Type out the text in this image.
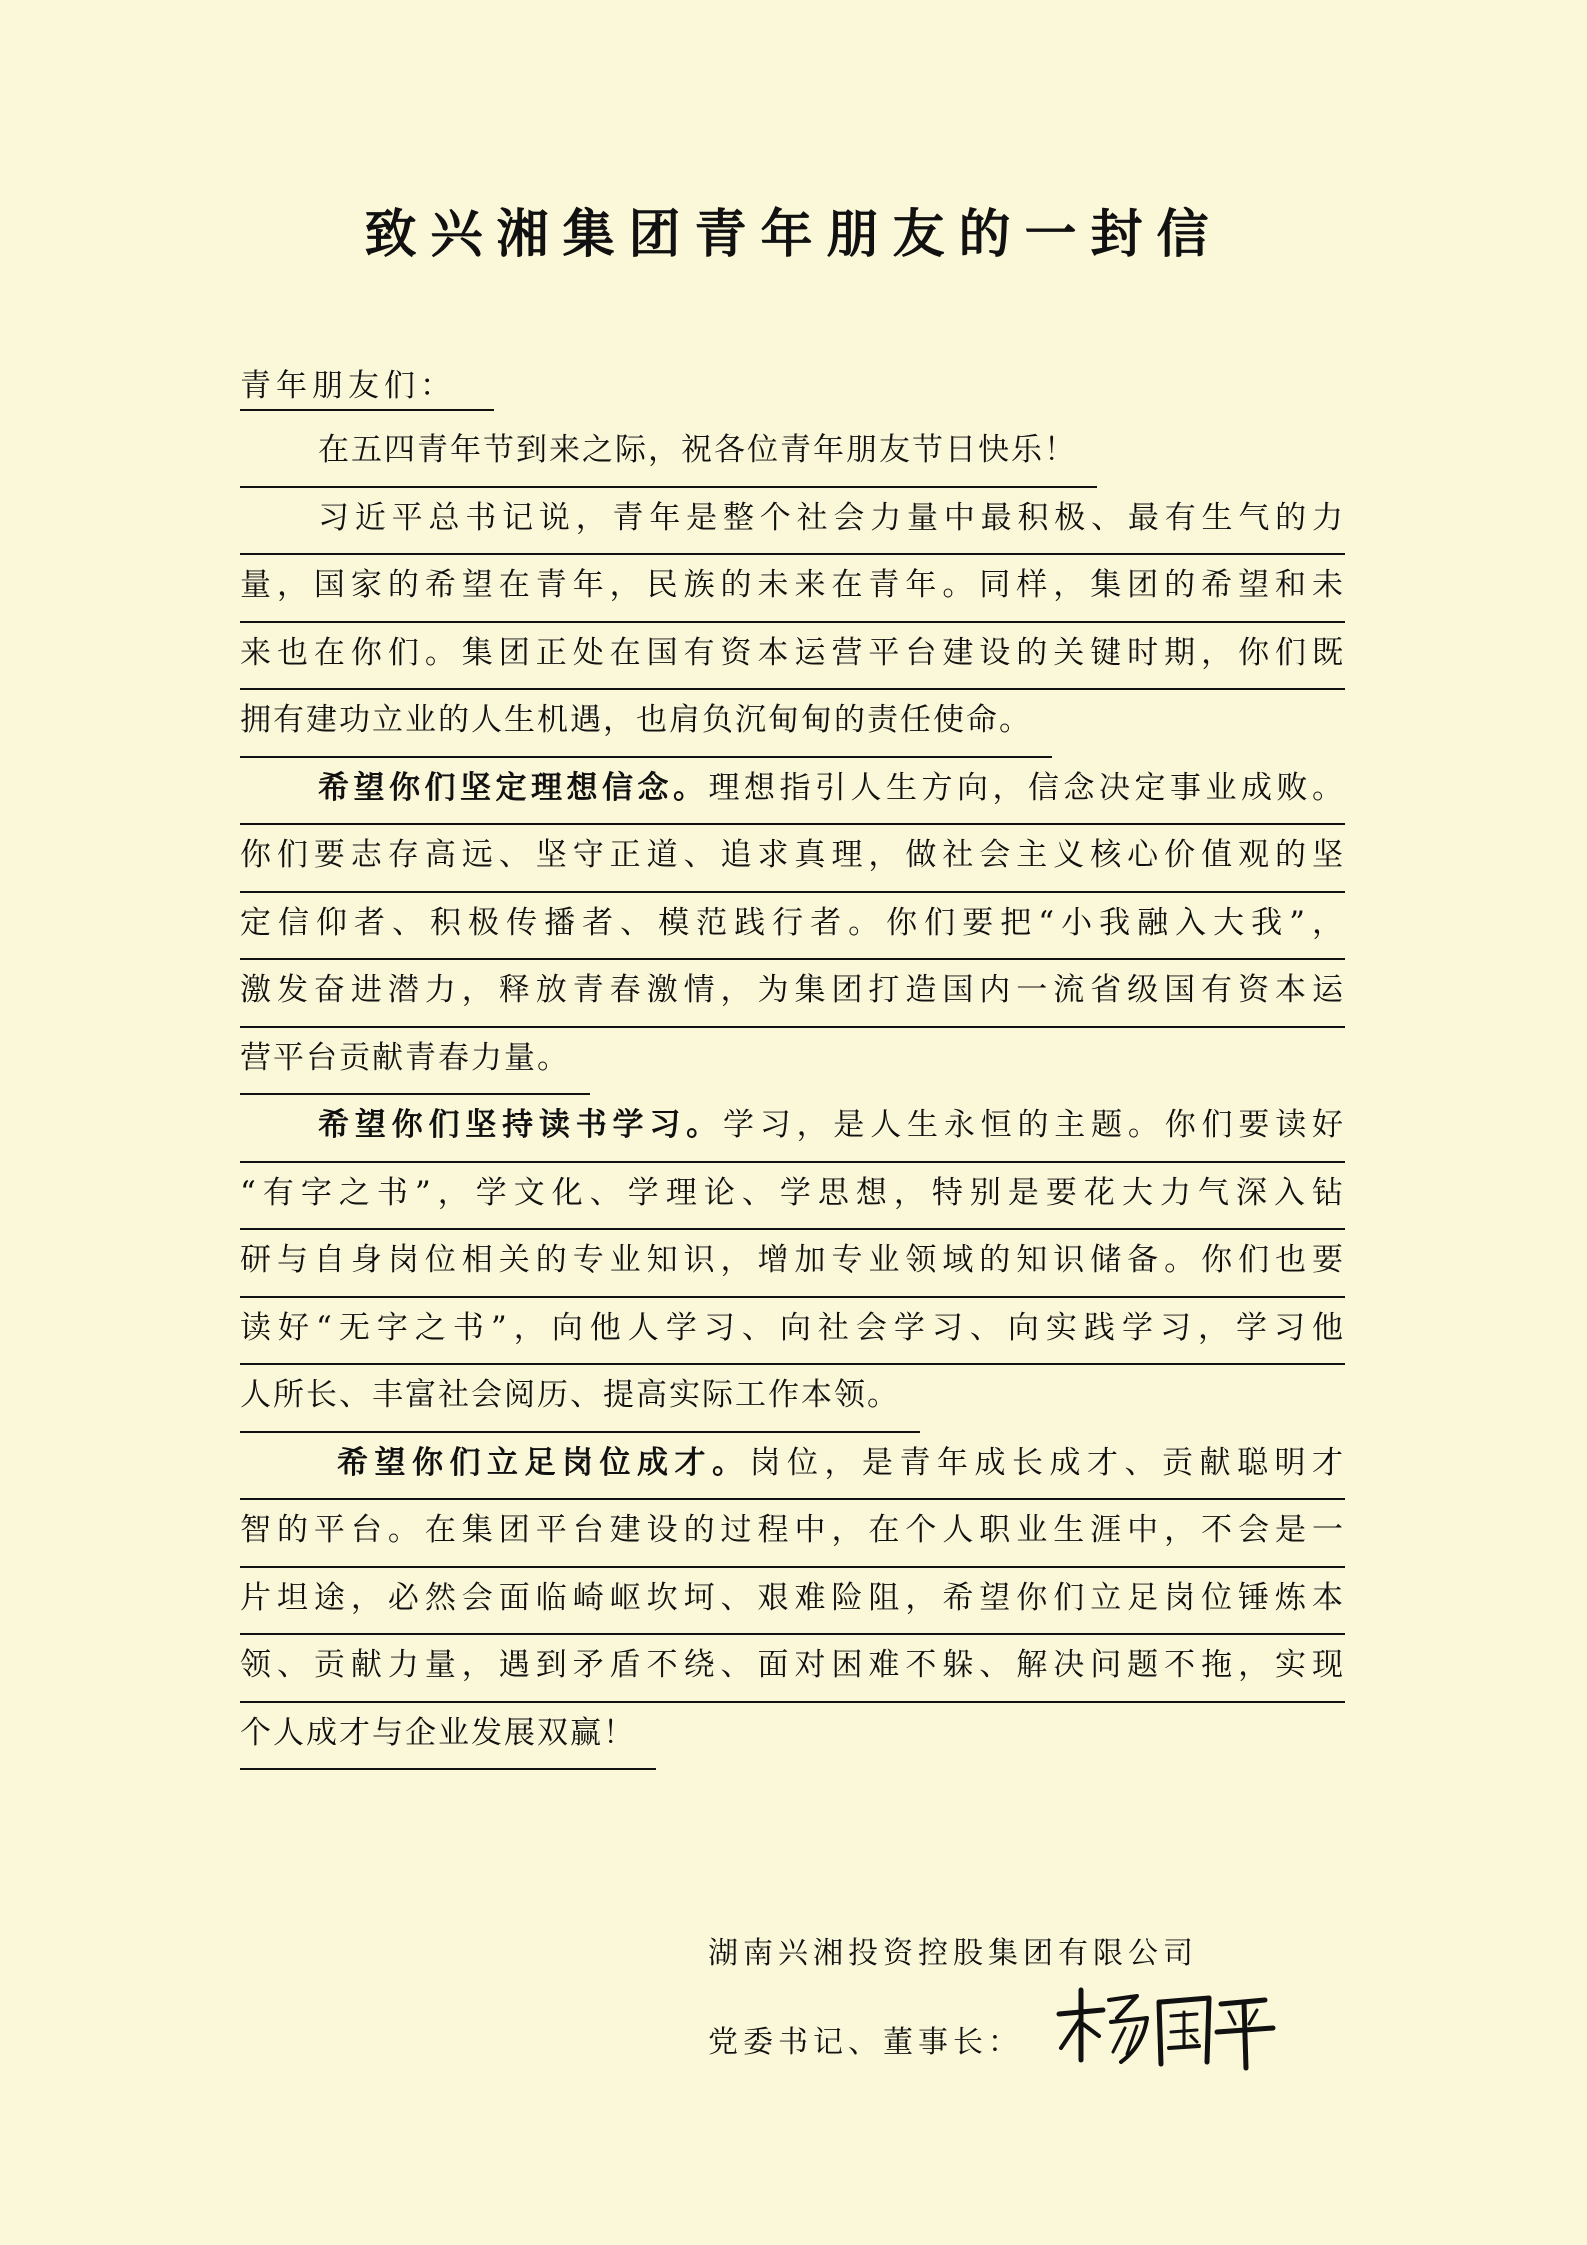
致兴湘集团青年朋友的一封信
青年朋友们：
在五四青年节到来之际，祝各位青年朋友节日快乐！
习近平总书记说，青年是整个社会力量中最积极、最有生气的力
量，国家的希望在青年，民族的未来在青年。同样，集团的希望和未
来也在你们。集团正处在国有资本运营平台建设的关键时期，你们既
拥有建功立业的人生机遇，也肩负沉甸甸的责任使命。
希望你们坚定理想信念。理想指引人生方向，信念决定事业成败。
你们要志存高远、坚守正道、追求真理，做社会主义核心价值观的坚
定信仰者、积极传播者、模范践行者。你们要把“小我融入大我”，
激发奋进潜力，释放青春激情，为集团打造国内一流省级国有资本运
营平台贡献青春力量。
希望你们坚持读书学习。学习，是人生永恒的主题。你们要读好
“有字之书”，学文化、学理论、学思想，特别是要花大力气深入钻
研与自身岗位相关的专业知识，增加专业领域的知识储备。你们也要
读好“无字之书”，向他人学习、向社会学习、向实践学习，学习他
人所长、丰富社会阅历、提高实际工作本领。
希望你们立足岗位成才。岗位，是青年成长成才、贡献聪明才
智的平台。在集团平台建设的过程中，在个人职业生涯中，不会是一
片坦途，必然会面临崎岖坎坷、艰难险阻，希望你们立足岗位锤炼本
领、贡献力量，遇到矛盾不绕、面对困难不躲、解决问题不拖，实现
个人成才与企业发展双赢！
湖南兴湘投资控股集团有限公司
党委书记、董事长：
